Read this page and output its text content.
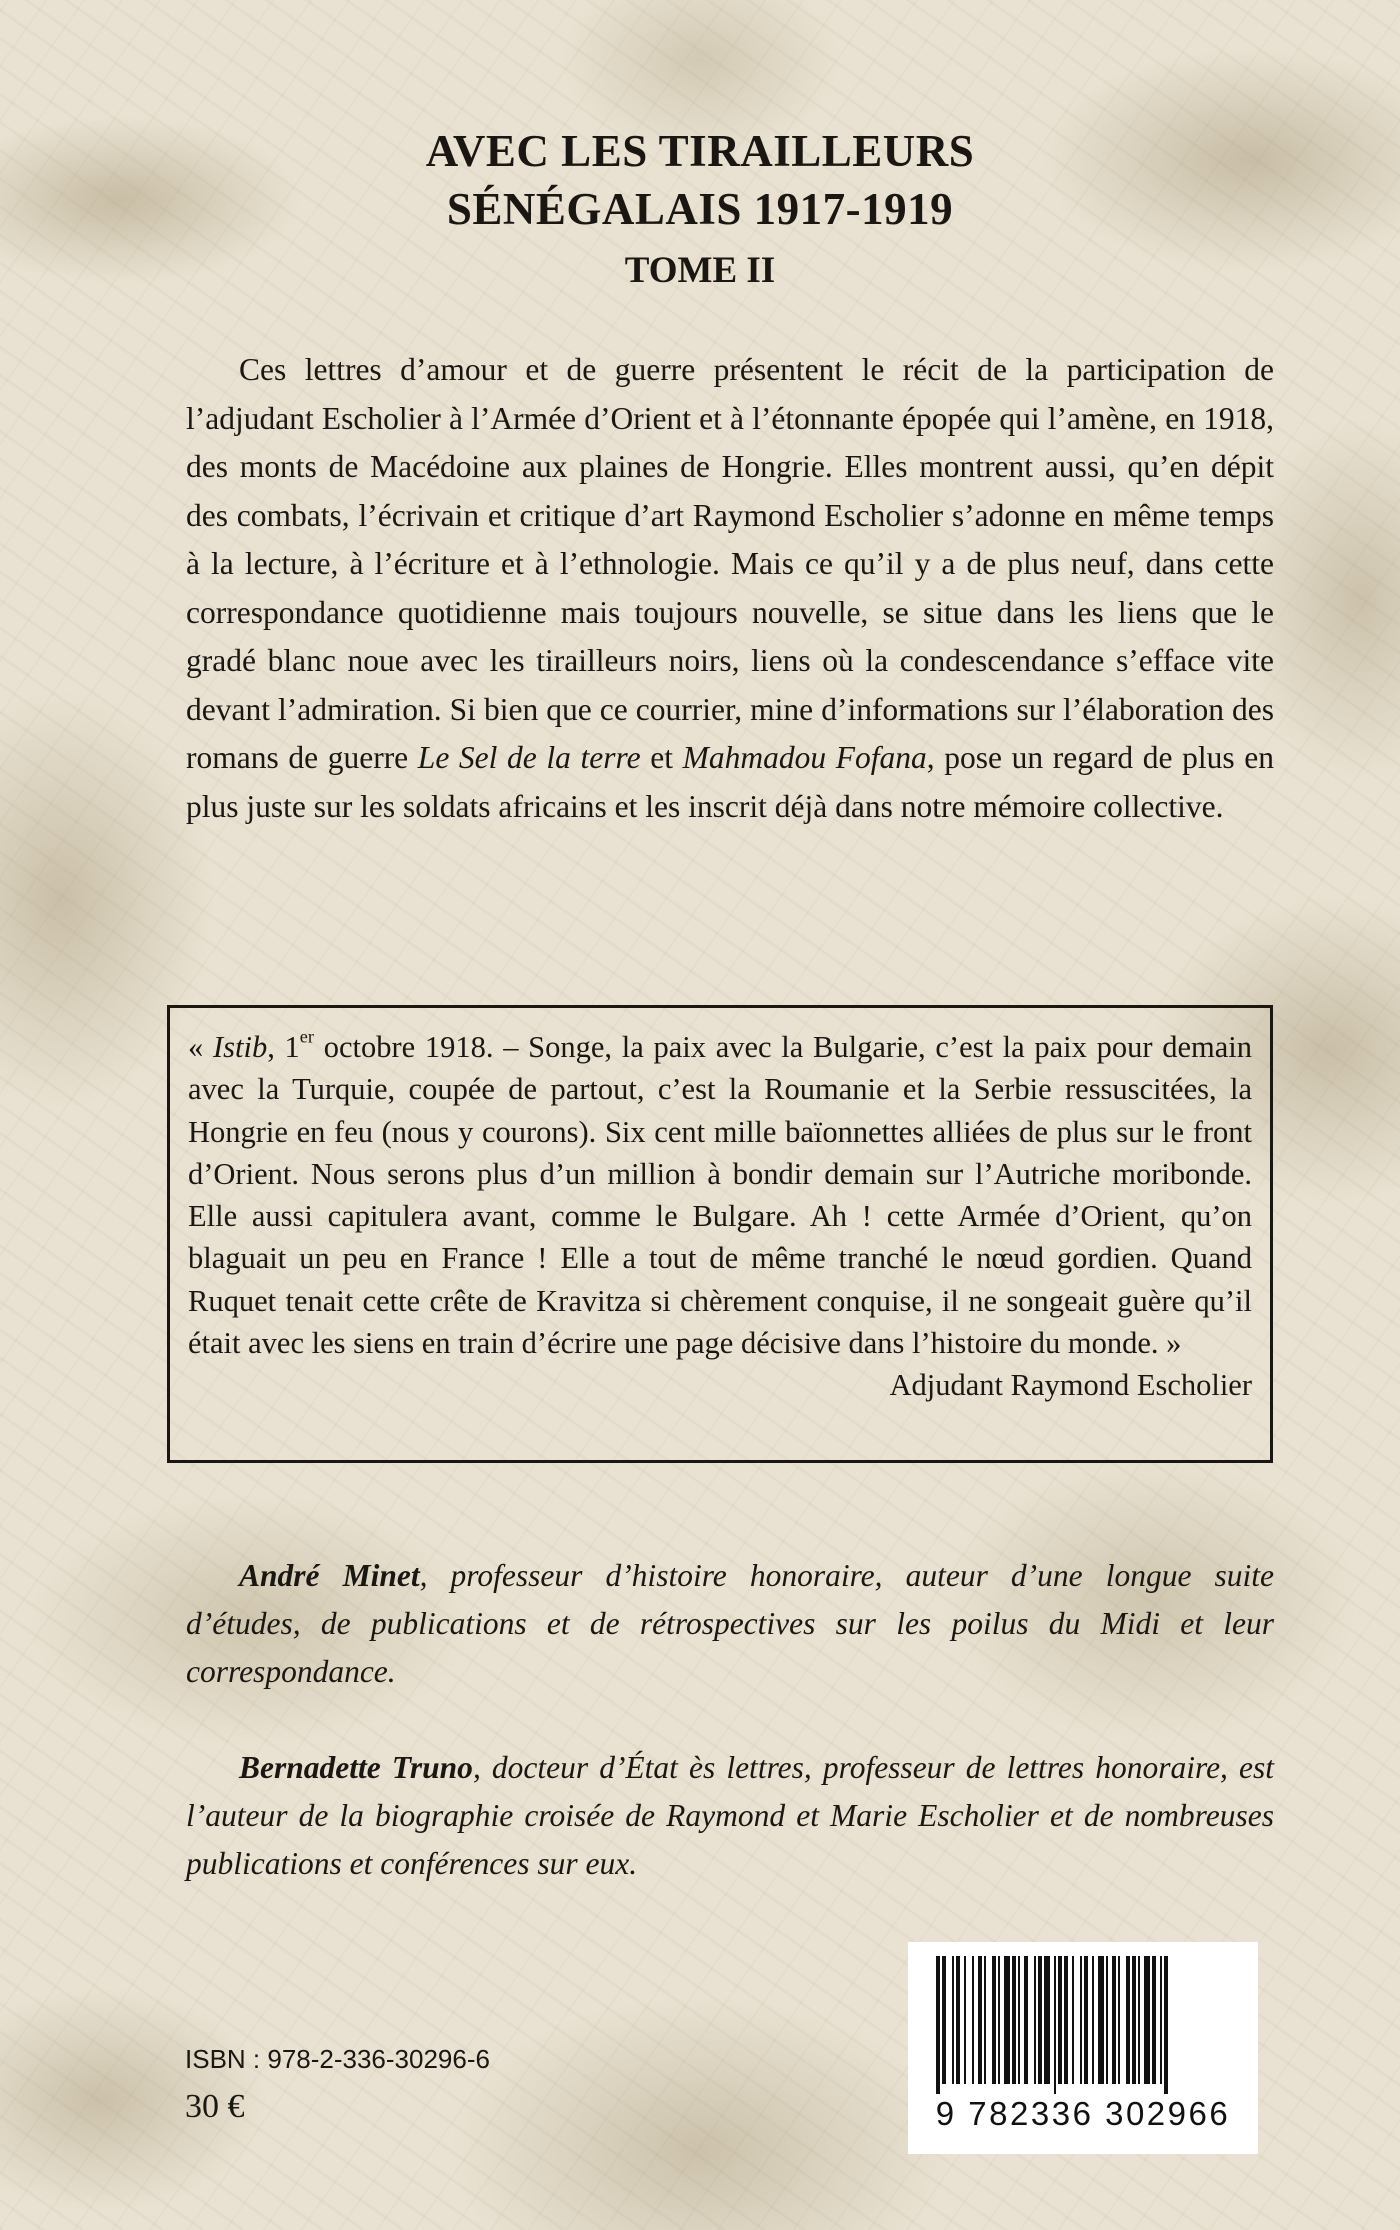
AVEC LES TIRAILLEURS
SÉNÉGALAIS 1917-1919
TOME II

Ces lettres d’amour et de guerre présentent le récit de la participation de l’adjudant Escholier à l’Armée d’Orient et à l’étonnante épopée qui l’amène, en 1918, des monts de Macédoine aux plaines de Hongrie. Elles montrent aussi, qu’en dépit des combats, l’écrivain et critique d’art Raymond Escholier s’adonne en même temps à la lecture, à l’écriture et à l’ethnologie. Mais ce qu’il y a de plus neuf, dans cette correspondance quotidienne mais toujours nouvelle, se situe dans les liens que le gradé blanc noue avec les tirailleurs noirs, liens où la condescendance s’efface vite devant l’admiration. Si bien que ce courrier, mine d’informations sur l’élaboration des romans de guerre Le Sel de la terre et Mahmadou Fofana, pose un regard de plus en plus juste sur les soldats africains et les inscrit déjà dans notre mémoire collective.

« Istib, 1er octobre 1918. – Songe, la paix avec la Bulgarie, c’est la paix pour demain avec la Turquie, coupée de partout, c’est la Roumanie et la Serbie ressuscitées, la Hongrie en feu (nous y courons). Six cent mille baïonnettes alliées de plus sur le front d’Orient. Nous serons plus d’un million à bondir demain sur l’Autriche moribonde. Elle aussi capitulera avant, comme le Bulgare. Ah ! cette Armée d’Orient, qu’on blaguait un peu en France ! Elle a tout de même tranché le nœud gordien. Quand Ruquet tenait cette crête de Kravitza si chèrement conquise, il ne songeait guère qu’il était avec les siens en train d’écrire une page décisive dans l’histoire du monde. »
Adjudant Raymond Escholier

André Minet, professeur d’histoire honoraire, auteur d’une longue suite d’études, de publications et de rétrospectives sur les poilus du Midi et leur correspondance.

Bernadette Truno, docteur d’État ès lettres, professeur de lettres honoraire, est l’auteur de la biographie croisée de Raymond et Marie Escholier et de nombreuses publications et conférences sur eux.

ISBN : 978-2-336-30296-6
30 €	9 782336 302966
